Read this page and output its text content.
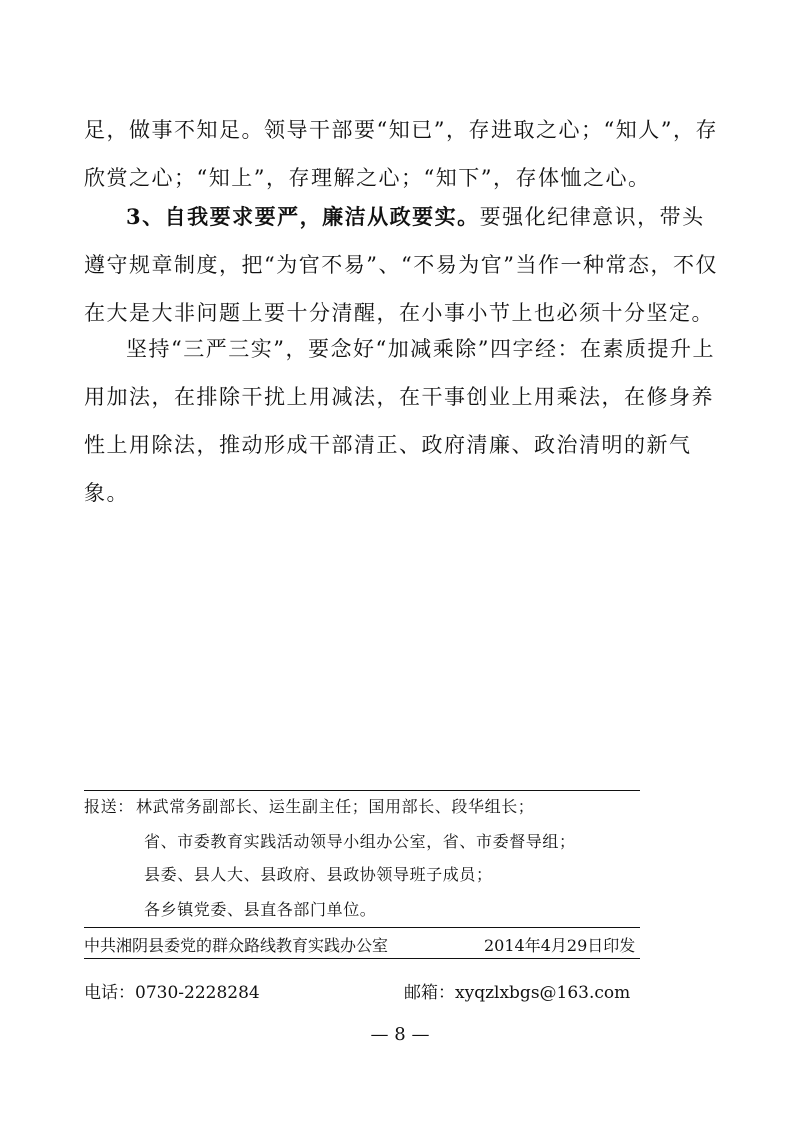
足，做事不知足。领导干部要“知已”，存进取之心；“知人”，存欣赏之心；“知上”，存理解之心；“知下”，存体恤之心。

3、自我要求要严，廉洁从政要实。要强化纪律意识，带头遵守规章制度，把“为官不易”、“不易为官”当作一种常态，不仅在大是大非问题上要十分清醒，在小事小节上也必须十分坚定。

坚持“三严三实”，要念好“加减乘除”四字经：在素质提升上用加法，在排除干扰上用减法，在干事创业上用乘法，在修身养性上用除法，推动形成干部清正、政府清廉、政治清明的新气象。

报送： 林武常务副部长、运生副主任；国用部长、段华组长；
省、市委教育实践活动领导小组办公室，省、市委督导组；
县委、县人大、县政府、县政协领导班子成员；
各乡镇党委、县直各部门单位。
中共湘阴县委党的群众路线教育实践办公室	2014年4月29日印发
电话：0730-2228284	邮箱：xyqzlxbgs@163.com
— 8 —
